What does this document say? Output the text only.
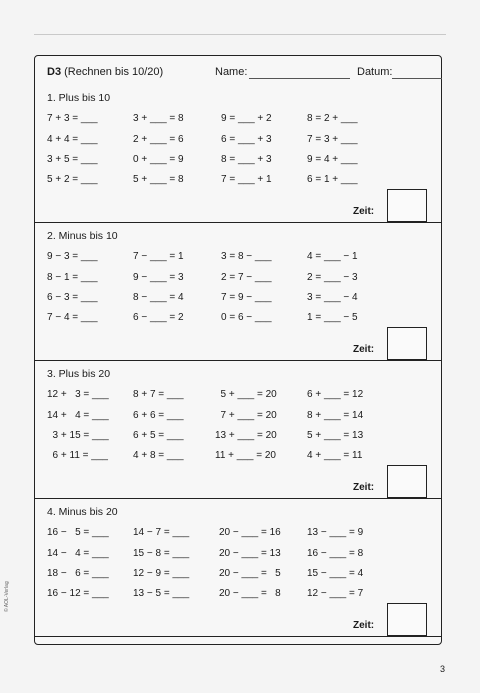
D3 (Rechnen bis 10/20)	Name:	Datum:
1. Plus bis 10
7 + 3 = ___	3 + ___ = 8	9 = ___ + 2	8 = 2 + ___
4 + 4 = ___	2 + ___ = 6	6 = ___ + 3	7 = 3 + ___
3 + 5 = ___	0 + ___ = 9	8 = ___ + 3	9 = 4 + ___
5 + 2 = ___	5 + ___ = 8	7 = ___ + 1	6 = 1 + ___
Zeit:
2. Minus bis 10
9 − 3 = ___	7 − ___ = 1	3 = 8 − ___	4 = ___ − 1
8 − 1 = ___	9 − ___ = 3	2 = 7 − ___	2 = ___ − 3
6 − 3 = ___	8 − ___ = 4	7 = 9 − ___	3 = ___ − 4
7 − 4 = ___	6 − ___ = 2	0 = 6 − ___	1 = ___ − 5
Zeit:
3. Plus bis 20
12 +   3 = ___ 8 + 7 = ___	5 + ___ = 20	6 + ___ = 12
14 +   4 = ___ 6 + 6 = ___	7 + ___ = 20	8 + ___ = 14
3 + 15 = ___ 6 + 5 = ___	13 + ___ = 20	5 + ___ = 13
6 + 11 = ___	4 + 8 = ___	11 + ___ = 20	4 + ___ = 11
Zeit:
4. Minus bis 20
16 −   5 = ___ 14 − 7 = ___	20 − ___ = 16	13 − ___ = 9
14 −   4 = ___ 15 − 8 = ___	20 − ___ = 13	16 − ___ = 8
18 −   6 = ___ 12 − 9 = ___	20 − ___ =   5	15 − ___ = 4
16 − 12 = ___ 13 − 5 = ___	20 − ___ =   8	12 − ___ = 7
Zeit:
© AOL-Verlag
3
